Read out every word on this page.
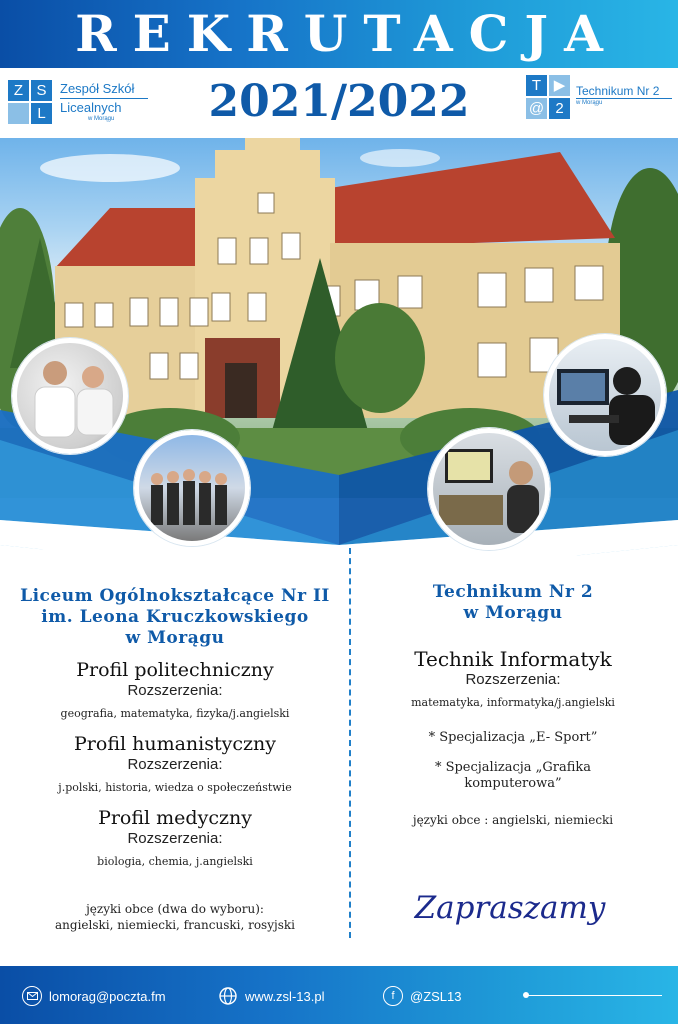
REKRUTACJA
2021/2022
Z S
L
Zespół Szkół
Licealnych
w Morągu
T ▶
@ 2
Technikum Nr 2
w Morągu
Liceum Ogólnokształcące Nr II
im. Leona Kruczkowskiego
w Morągu
Profil politechniczny
Rozszerzenia:
geografia, matematyka, fizyka/j.angielski
Profil humanistyczny
Rozszerzenia:
j.polski, historia, wiedza o społeczeństwie
Profil medyczny
Rozszerzenia:
biologia, chemia, j.angielski
języki obce (dwa do wyboru):
angielski, niemiecki, francuski, rosyjski
Technikum Nr 2
w Morągu
Technik Informatyk
Rozszerzenia:
matematyka, informatyka/j.angielski
* Specjalizacja „E- Sport”
* Specjalizacja „Grafika
komputerowa”
języki obce : angielski, niemiecki
Zapraszamy
lomorag@poczta.fm	www.zsl-13.pl	f	@ZSL13
